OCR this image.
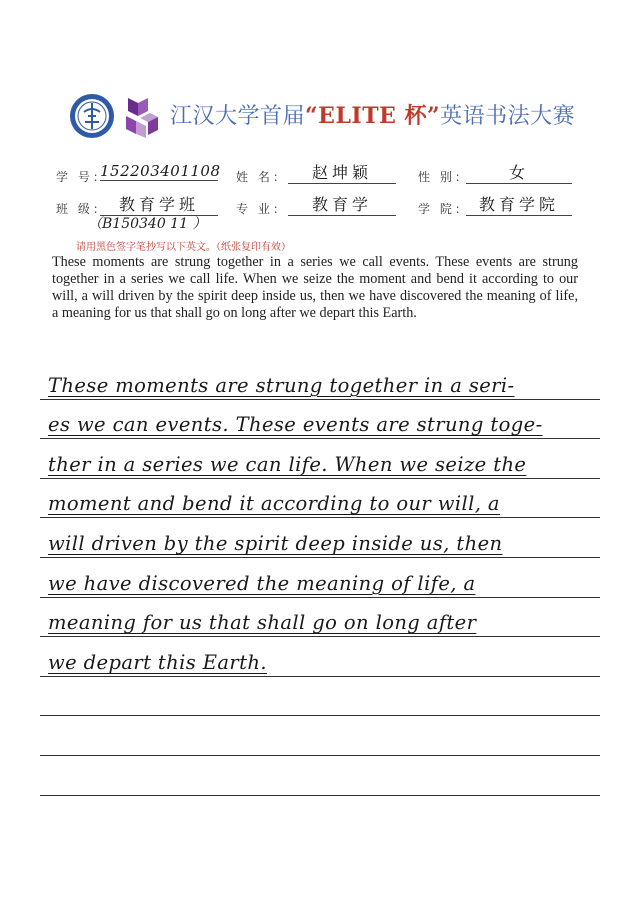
江汉大学首届“ELITE 杯”英语书法大赛
学 号：
152203401108 姓 名：	赵坤颖	性 别：	女
班 级： 教育学班
（B150340 11 ）
专 业：	教育学	学 院： 教育学院
请用黑色签字笔抄写以下英文。（纸张复印有效）
These moments are strung together in a series we call events. These events are strung together in a series we call life. When we seize the moment and bend it according to our will, a will driven by the spirit deep inside us, then we have discovered the meaning of life, a meaning for us that shall go on long after we depart this Earth.
These moments are strung together in a seri-
es we can events. These events are strung toge-
ther in a series we can life. When we seize the
moment and bend it according to our will, a
will driven by the spirit deep inside us, then
we have discovered the meaning of life, a
meaning for us that shall go on long after
we depart this Earth.
